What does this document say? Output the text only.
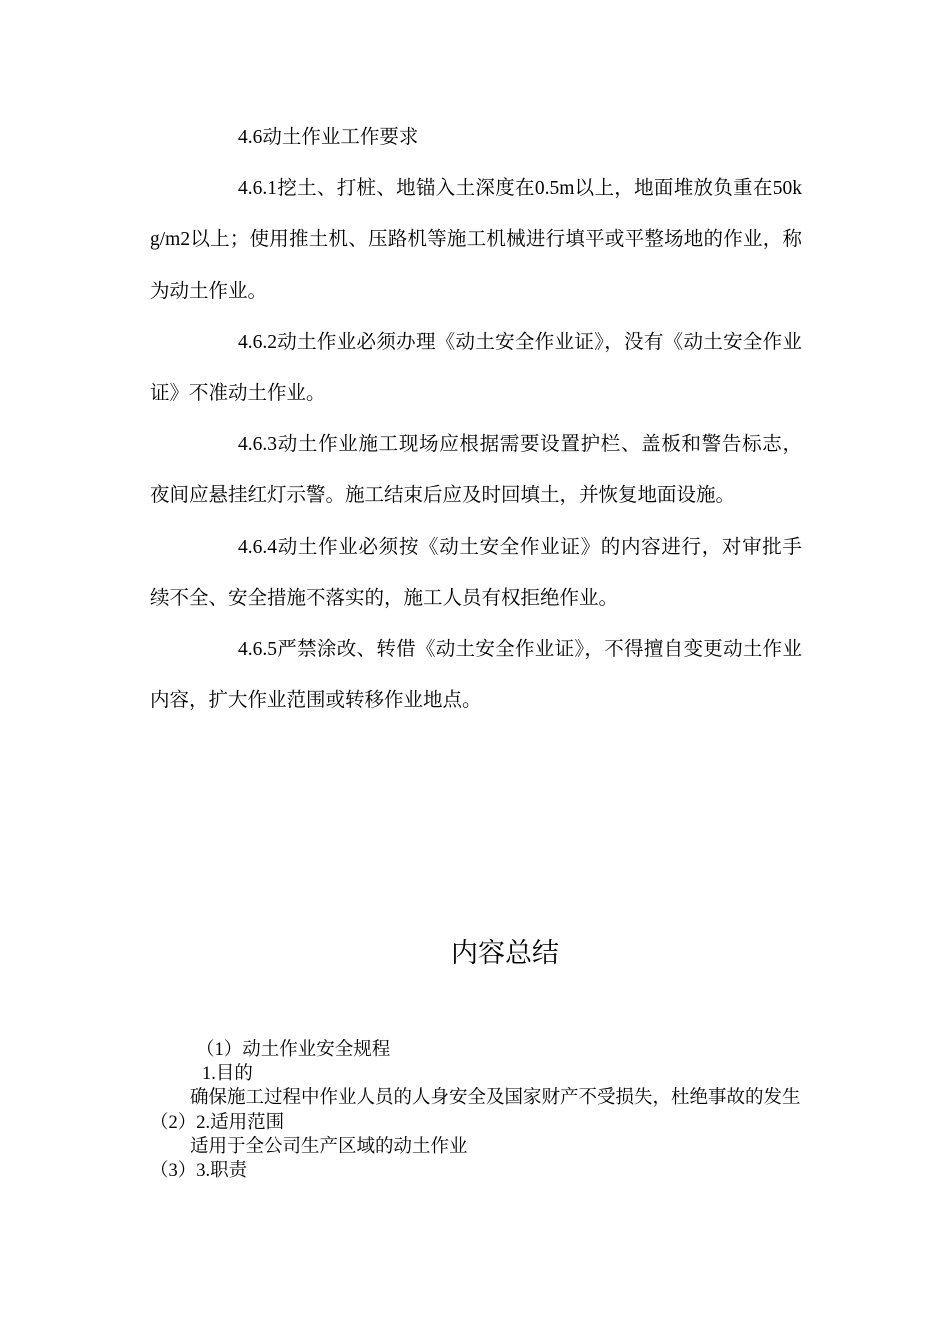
4.6动土作业工作要求

4.6.1挖土、打桩、地锚入土深度在0.5m以上，地面堆放负重在50kg/m2以上；使用推土机、压路机等施工机械进行填平或平整场地的作业，称为动土作业。

4.6.2动土作业必须办理《动土安全作业证》，没有《动土安全作业证》不准动土作业。

4.6.3动土作业施工现场应根据需要设置护栏、盖板和警告标志，夜间应悬挂红灯示警。施工结束后应及时回填土，并恢复地面设施。

4.6.4动土作业必须按《动土安全作业证》的内容进行，对审批手续不全、安全措施不落实的，施工人员有权拒绝作业。

4.6.5严禁涂改、转借《动土安全作业证》，不得擅自变更动土作业内容，扩大作业范围或转移作业地点。

内容总结

（1）动土作业安全规程

1.目的

确保施工过程中作业人员的人身安全及国家财产不受损失，杜绝事故的发生

（2）2.适用范围

适用于全公司生产区域的动土作业

（3）3.职责
